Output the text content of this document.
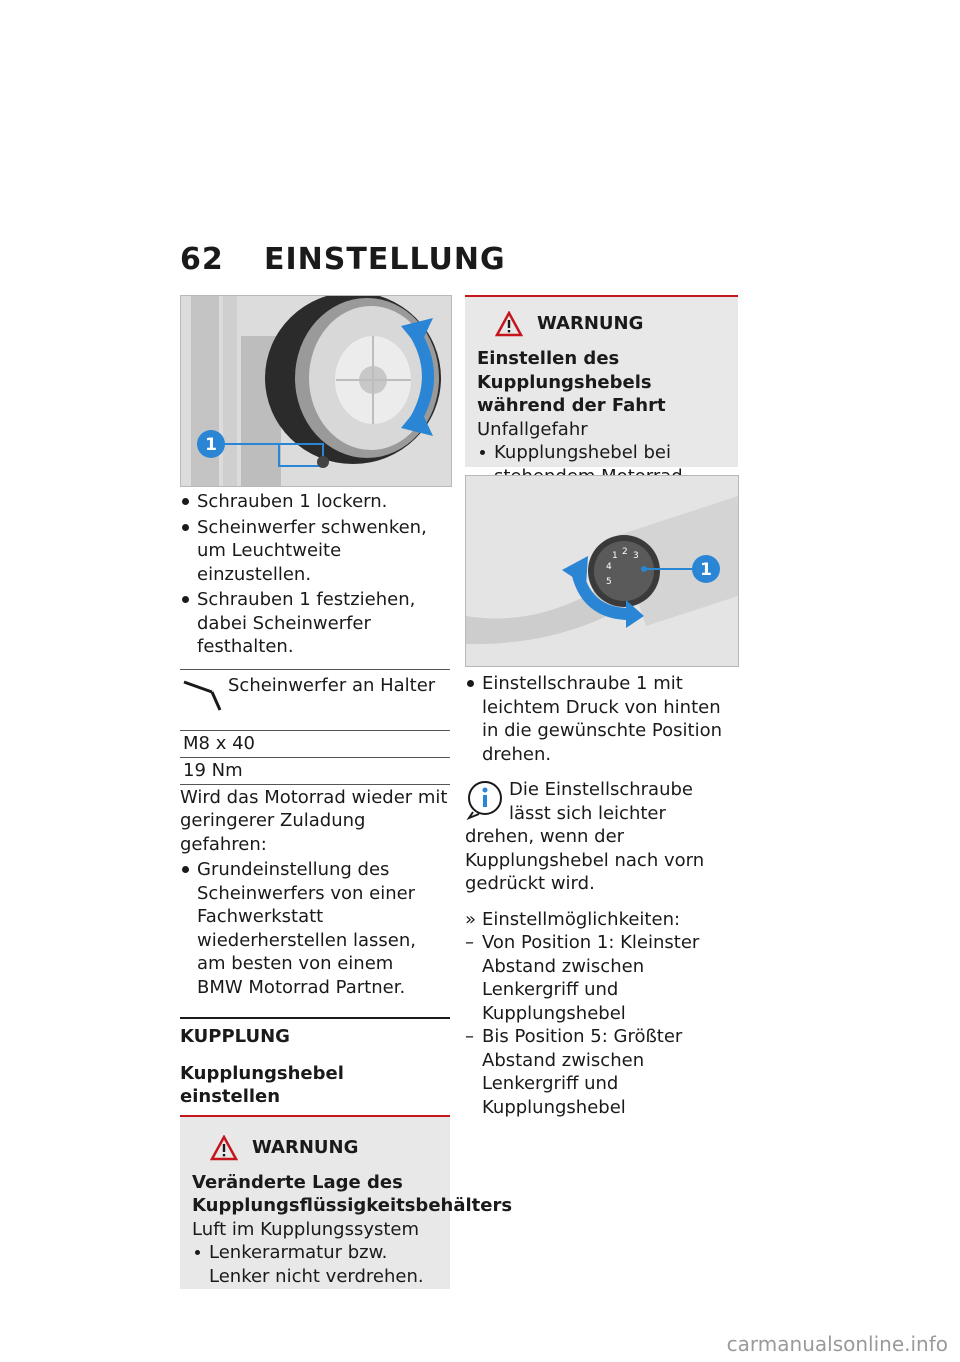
62 EINSTELLUNG
1
Schrauben 1 lockern.
Scheinwerfer schwenken, um Leuchtweite einzustellen.
Schrauben 1 festziehen, dabei Scheinwerfer festhalten.
Scheinwerfer an Halter
M8 x 40
19 Nm
Wird das Motorrad wieder mit geringerer Zuladung gefahren:
Grundeinstellung des Scheinwerfers von einer Fachwerkstatt wiederherstellen lassen, am besten von einem BMW Motorrad Partner.
KUPPLUNG
Kupplungshebel einstellen
WARNUNG
Veränderte Lage des Kupplungsflüssigkeitsbehälters
Luft im Kupplungssystem
Lenkerarmatur bzw. Lenker nicht verdrehen.
WARNUNG
Einstellen des Kupplungshebels während der Fahrt
Unfallgefahr
Kupplungshebel bei
1 2 3
4
5
1
Einstellschraube 1 mit leichtem Druck von hinten in die gewünschte Position drehen.
Die Einstellschraube lässt sich leichter drehen, wenn der Kupplungshebel nach vorn gedrückt wird.
» Einstellmöglichkeiten:
– Von Position 1: Kleinster Abstand zwischen Lenkergriff und Kupplungshebel
– Bis Position 5: Größter Abstand zwischen Lenkergriff und Kupplungshebel
carmanualsonline.info
